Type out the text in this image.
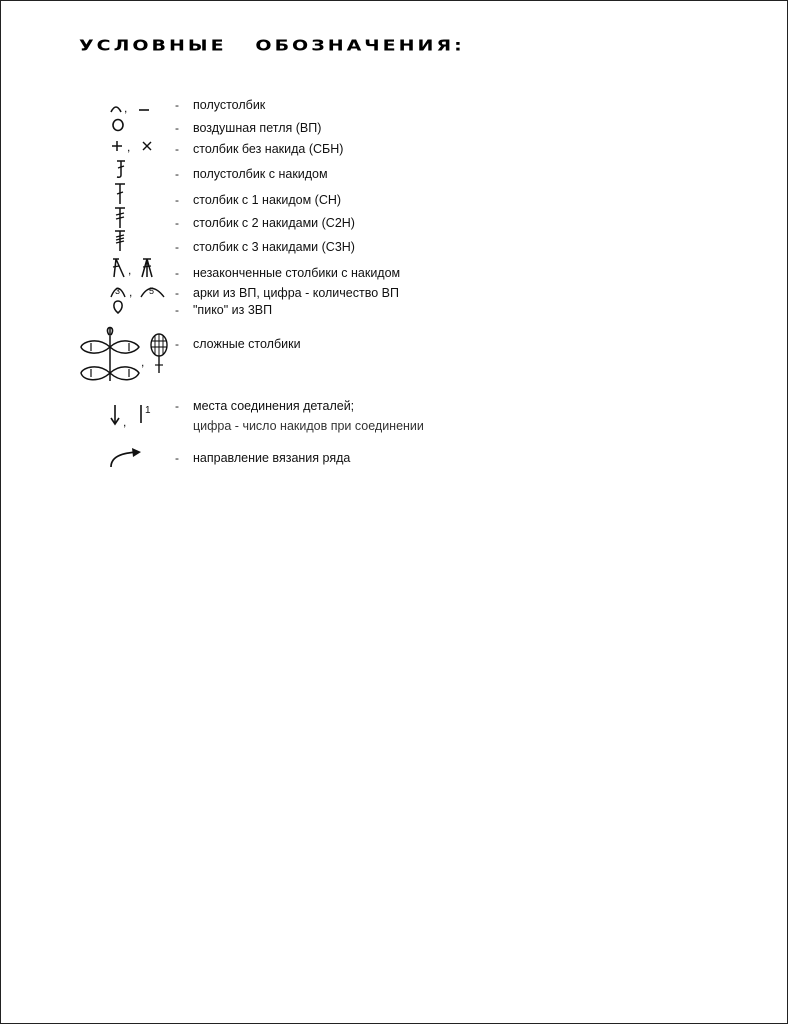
УСЛОВНЫЕ   ОБОЗНАЧЕНИЯ:
,	- полустолбик
- воздушная петля (ВП)
,	- столбик без накида (СБН)
- полустолбик с накидом
- столбик с 1 накидом (СН)
- столбик с 2 накидами (С2Н)
- столбик с 3 накидами (С3Н)
,	- незаконченные столбики с накидом
3 , 5 - арки из ВП, цифра - количество ВП
- "пико" из 3ВП
,
- сложные столбики
,
1 - места соединения деталей;
цифра - число накидов при соединении
- направление вязания ряда
